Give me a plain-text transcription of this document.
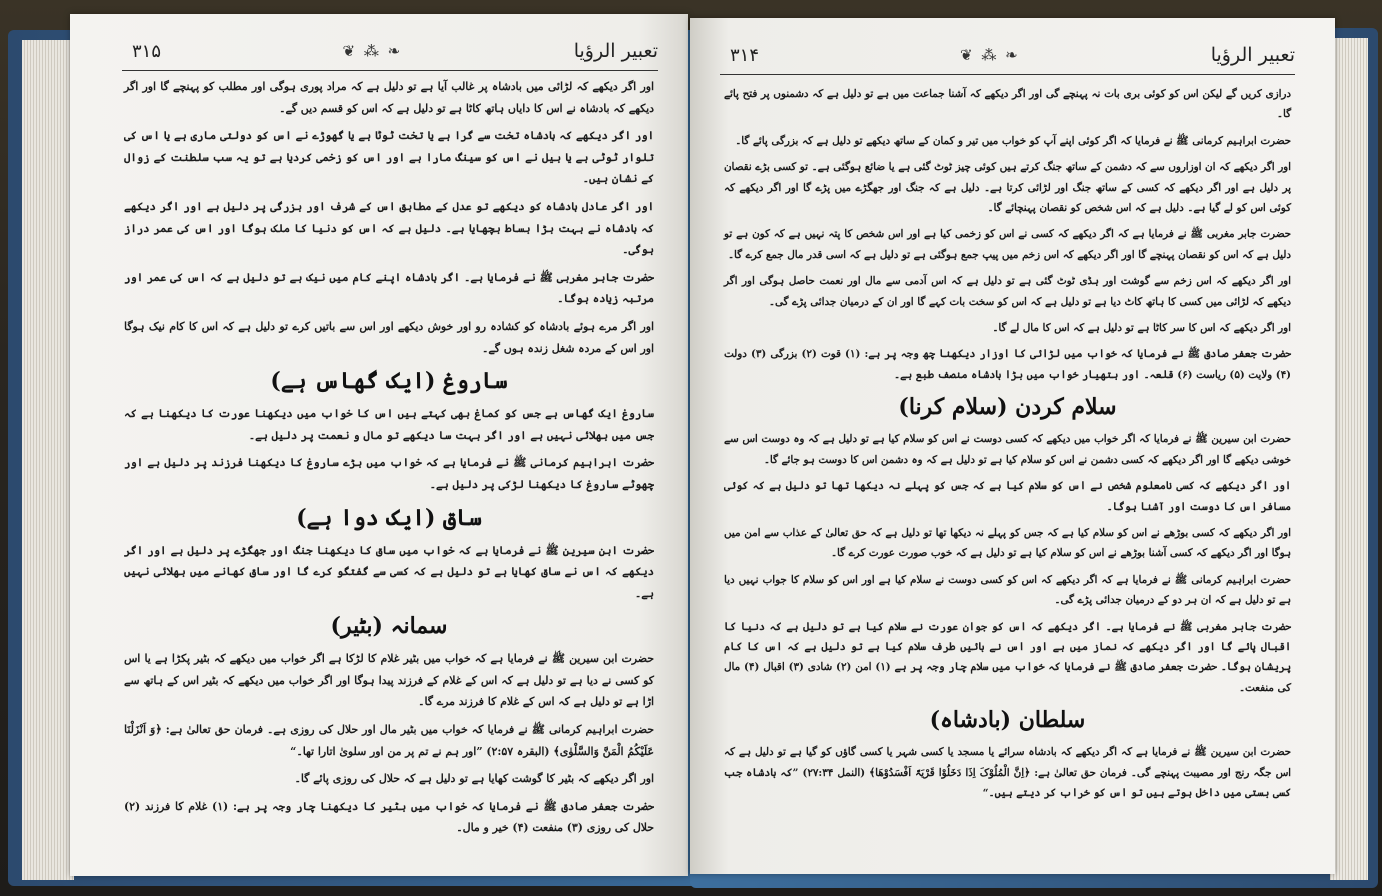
۳۱۵	❦ ⁂ ❧	تعبیر الرؤیا

اور اگر دیکھے کہ لڑائی میں بادشاہ پر غالب آیا ہے تو دلیل ہے کہ مراد پوری ہوگی اور مطلب کو پہنچے گا اور اگر دیکھے کہ بادشاہ نے اس کا دایاں ہاتھ کاٹا ہے تو دلیل ہے کہ اس کو قسم دیں گے۔

اور اگر دیکھے کہ بادشاہ تخت سے گرا ہے یا تخت ٹوٹا ہے یا گھوڑے نے اس کو دولتی ماری ہے یا اس کی تلوار ٹوٹی ہے یا بیل نے اس کو سینگ مارا ہے اور اس کو زخمی کردیا ہے تو یہ سب سلطنت کے زوال کے نشان ہیں۔

اور اگر عادل بادشاہ کو دیکھے تو عدل کے مطابق اس کے شرف اور بزرگی پر دلیل ہے اور اگر دیکھے کہ بادشاہ نے بہت بڑا بساط بچھایا ہے۔ دلیل ہے کہ اس کو دنیا کا ملک ہوگا اور اس کی عمر دراز ہوگی۔

حضرت جابر مغربی ﷺ نے فرمایا ہے۔ اگر بادشاہ اپنے کام میں نیک ہے تو دلیل ہے کہ اس کی عمر اور مرتبہ زیادہ ہوگا۔

اور اگر مرے ہوئے بادشاہ کو کشادہ رو اور خوش دیکھے اور اس سے باتیں کرے تو دلیل ہے کہ اس کا کام نیک ہوگا اور اس کے مردہ شغل زندہ ہوں گے۔

ساروغ (ایک گھاس ہے)

ساروغ ایک گھاس ہے جس کو کماغ بھی کہتے ہیں اس کا خواب میں دیکھنا عورت کا دیکھنا ہے کہ جس میں بھلائی نہیں ہے اور اگر بہت سا دیکھے تو مال و نعمت پر دلیل ہے۔

حضرت ابراہیم کرمانی ﷺ نے فرمایا ہے کہ خواب میں بڑے ساروغ کا دیکھنا فرزند پر دلیل ہے اور چھوٹے ساروغ کا دیکھنا لڑکی پر دلیل ہے۔

ساق (ایک دوا ہے)

حضرت ابن سیرین ﷺ نے فرمایا ہے کہ خواب میں ساق کا دیکھنا جنگ اور جھگڑے پر دلیل ہے اور اگر دیکھے کہ اس نے ساق کھایا ہے تو دلیل ہے کہ کسی سے گفتگو کرے گا اور ساق کھانے میں بھلائی نہیں ہے۔

سمانہ (بٹیر)

حضرت ابن سیرین ﷺ نے فرمایا ہے کہ خواب میں بٹیر غلام کا لڑکا ہے اگر خواب میں دیکھے کہ بٹیر پکڑا ہے یا اس کو کسی نے دیا ہے تو دلیل ہے کہ اس کے غلام کے فرزند پیدا ہوگا اور اگر خواب میں دیکھے کہ بٹیر اس کے ہاتھ سے اڑا ہے تو دلیل ہے کہ اس کے غلام کا فرزند مرے گا۔

حضرت ابراہیم کرمانی ﷺ نے فرمایا کہ خواب میں بٹیر مال اور حلال کی روزی ہے۔ فرمان حق تعالیٰ ہے: ﴿وَ اَنْزَلْنَا عَلَیْکُمُ الْمَنَّ وَالسَّلْوٰی﴾ (البقرہ ۲:۵۷) ”اور ہم نے تم پر من اور سلویٰ اتارا تھا۔“

اور اگر دیکھے کہ بٹیر کا گوشت کھایا ہے تو دلیل ہے کہ حلال کی روزی پائے گا۔

حضرت جعفر صادق ﷺ نے فرمایا کہ خواب میں بٹیر کا دیکھنا چار وجہ پر ہے: (۱) غلام کا فرزند (۲) حلال کی روزی (۳) منفعت (۴) خیر و مال۔

۳۱۴	❦ ⁂ ❧	تعبیر الرؤیا

درازی کریں گے لیکن اس کو کوئی بری بات نہ پہنچے گی اور اگر دیکھے کہ آشنا جماعت میں ہے تو دلیل ہے کہ دشمنوں پر فتح پائے گا۔

حضرت ابراہیم کرمانی ﷺ نے فرمایا کہ اگر کوئی اپنے آپ کو خواب میں تیر و کمان کے ساتھ دیکھے تو دلیل ہے کہ بزرگی پائے گا۔

اور اگر دیکھے کہ ان اوزاروں سے کہ دشمن کے ساتھ جنگ کرتے ہیں کوئی چیز ٹوٹ گئی ہے یا ضائع ہوگئی ہے۔ تو کسی بڑے نقصان پر دلیل ہے اور اگر دیکھے کہ کسی کے ساتھ جنگ اور لڑائی کرتا ہے۔ دلیل ہے کہ جنگ اور جھگڑے میں پڑے گا اور اگر دیکھے کہ کوئی اس کو لے گیا ہے۔ دلیل ہے کہ اس شخص کو نقصان پہنچائے گا۔

حضرت جابر مغربی ﷺ نے فرمایا ہے کہ اگر دیکھے کہ کسی نے اس کو زخمی کیا ہے اور اس شخص کا پتہ نہیں ہے کہ کون ہے تو دلیل ہے کہ اس کو نقصان پہنچے گا اور اگر دیکھے کہ اس زخم میں پیپ جمع ہوگئی ہے تو دلیل ہے کہ اسی قدر مال جمع کرے گا۔

اور اگر دیکھے کہ اس زخم سے گوشت اور ہڈی ٹوٹ گئی ہے تو دلیل ہے کہ اس آدمی سے مال اور نعمت حاصل ہوگی اور اگر دیکھے کہ لڑائی میں کسی کا ہاتھ کاٹ دیا ہے تو دلیل ہے کہ اس کو سخت بات کہے گا اور ان کے درمیان جدائی پڑے گی۔

اور اگر دیکھے کہ اس کا سر کاٹا ہے تو دلیل ہے کہ اس کا مال لے گا۔

حضرت جعفر صادق ﷺ نے فرمایا کہ خواب میں لڑائی کا اوزار دیکھنا چھ وجہ پر ہے: (۱) قوت (۲) بزرگی (۳) دولت (۴) ولایت (۵) ریاست (۶) قلعہ۔ اور ہتھیار خواب میں بڑا بادشاہ منصف طبع ہے۔

سلام کردن (سلام کرنا)

حضرت ابن سیرین ﷺ نے فرمایا کہ اگر خواب میں دیکھے کہ کسی دوست نے اس کو سلام کیا ہے تو دلیل ہے کہ وہ دوست اس سے خوشی دیکھے گا اور اگر دیکھے کہ کسی دشمن نے اس کو سلام کیا ہے تو دلیل ہے کہ وہ دشمن اس کا دوست ہو جائے گا۔

اور اگر دیکھے کہ کسی نامعلوم شخص نے اس کو سلام کیا ہے کہ جس کو پہلے نہ دیکھا تھا تو دلیل ہے کہ کوئی مسافر اس کا دوست اور آشنا ہوگا۔

اور اگر دیکھے کہ کسی بوڑھے نے اس کو سلام کیا ہے کہ جس کو پہلے نہ دیکھا تھا تو دلیل ہے کہ حق تعالیٰ کے عذاب سے امن میں ہوگا اور اگر دیکھے کہ کسی آشنا بوڑھے نے اس کو سلام کیا ہے تو دلیل ہے کہ خوب صورت عورت کرے گا۔

حضرت ابراہیم کرمانی ﷺ نے فرمایا ہے کہ اگر دیکھے کہ اس کو کسی دوست نے سلام کیا ہے اور اس کو سلام کا جواب نہیں دیا ہے تو دلیل ہے کہ ان ہر دو کے درمیان جدائی پڑے گی۔

حضرت جابر مغربی ﷺ نے فرمایا ہے۔ اگر دیکھے کہ اس کو جوان عورت نے سلام کیا ہے تو دلیل ہے کہ دنیا کا اقبال پائے گا اور اگر دیکھے کہ نماز میں ہے اور اس نے بائیں طرف سلام کیا ہے تو دلیل ہے کہ اس کا کام پریشان ہوگا۔ حضرت جعفر صادق ﷺ نے فرمایا کہ خواب میں سلام چار وجہ پر ہے (۱) امن (۲) شادی (۳) اقبال (۴) مال کی منفعت۔

سلطان (بادشاہ)

حضرت ابن سیرین ﷺ نے فرمایا ہے کہ اگر دیکھے کہ بادشاہ سرائے یا مسجد یا کسی شہر یا کسی گاؤں کو گیا ہے تو دلیل ہے کہ اس جگہ رنج اور مصیبت پہنچے گی۔ فرمان حق تعالیٰ ہے: ﴿اِنَّ الْمُلُوْکَ اِذَا دَخَلُوْا قَرْیَۃً اَفْسَدُوْھَا﴾ (النمل ۲۷:۳۴) ”کہ بادشاہ جب کسی بستی میں داخل ہوتے ہیں تو اس کو خراب کر دیتے ہیں۔“
